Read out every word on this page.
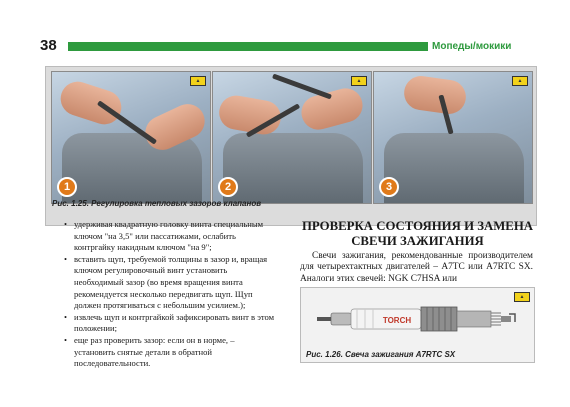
38	Мопеды/мокики
▲
1
▲
2
▲
3
Рис. 1.25. Регулировка тепловых зазоров клапанов
• удерживая квадратную головку винта специальным ключом "на 3,5" или пассатижами, ослабить контргайку накидным ключом "на 9";
• вставить щуп, требуемой толщины в зазор и, вращая ключом регулировочный винт установить необходимый зазор (во время вращения винта рекомендуется несколько передвигать щуп. Щуп должен протягиваться с небольшим усилием.);
• извлечь щуп и контргайкой зафиксировать винт в этом положении;
• еще раз проверить зазор: если он в норме, – установить снятые детали в обратной последовательности.
ПРОВЕРКА СОСТОЯНИЯ И ЗАМЕНА
СВЕЧИ ЗАЖИГАНИЯ
Свечи зажигания, рекомендованные производителем для четырехтактных двигателей – A7TC или A7RTC SX. Аналоги этих свечей: NGK C7HSA или
▲
TORCH
Рис. 1.26. Свеча зажигания A7RTC SX
